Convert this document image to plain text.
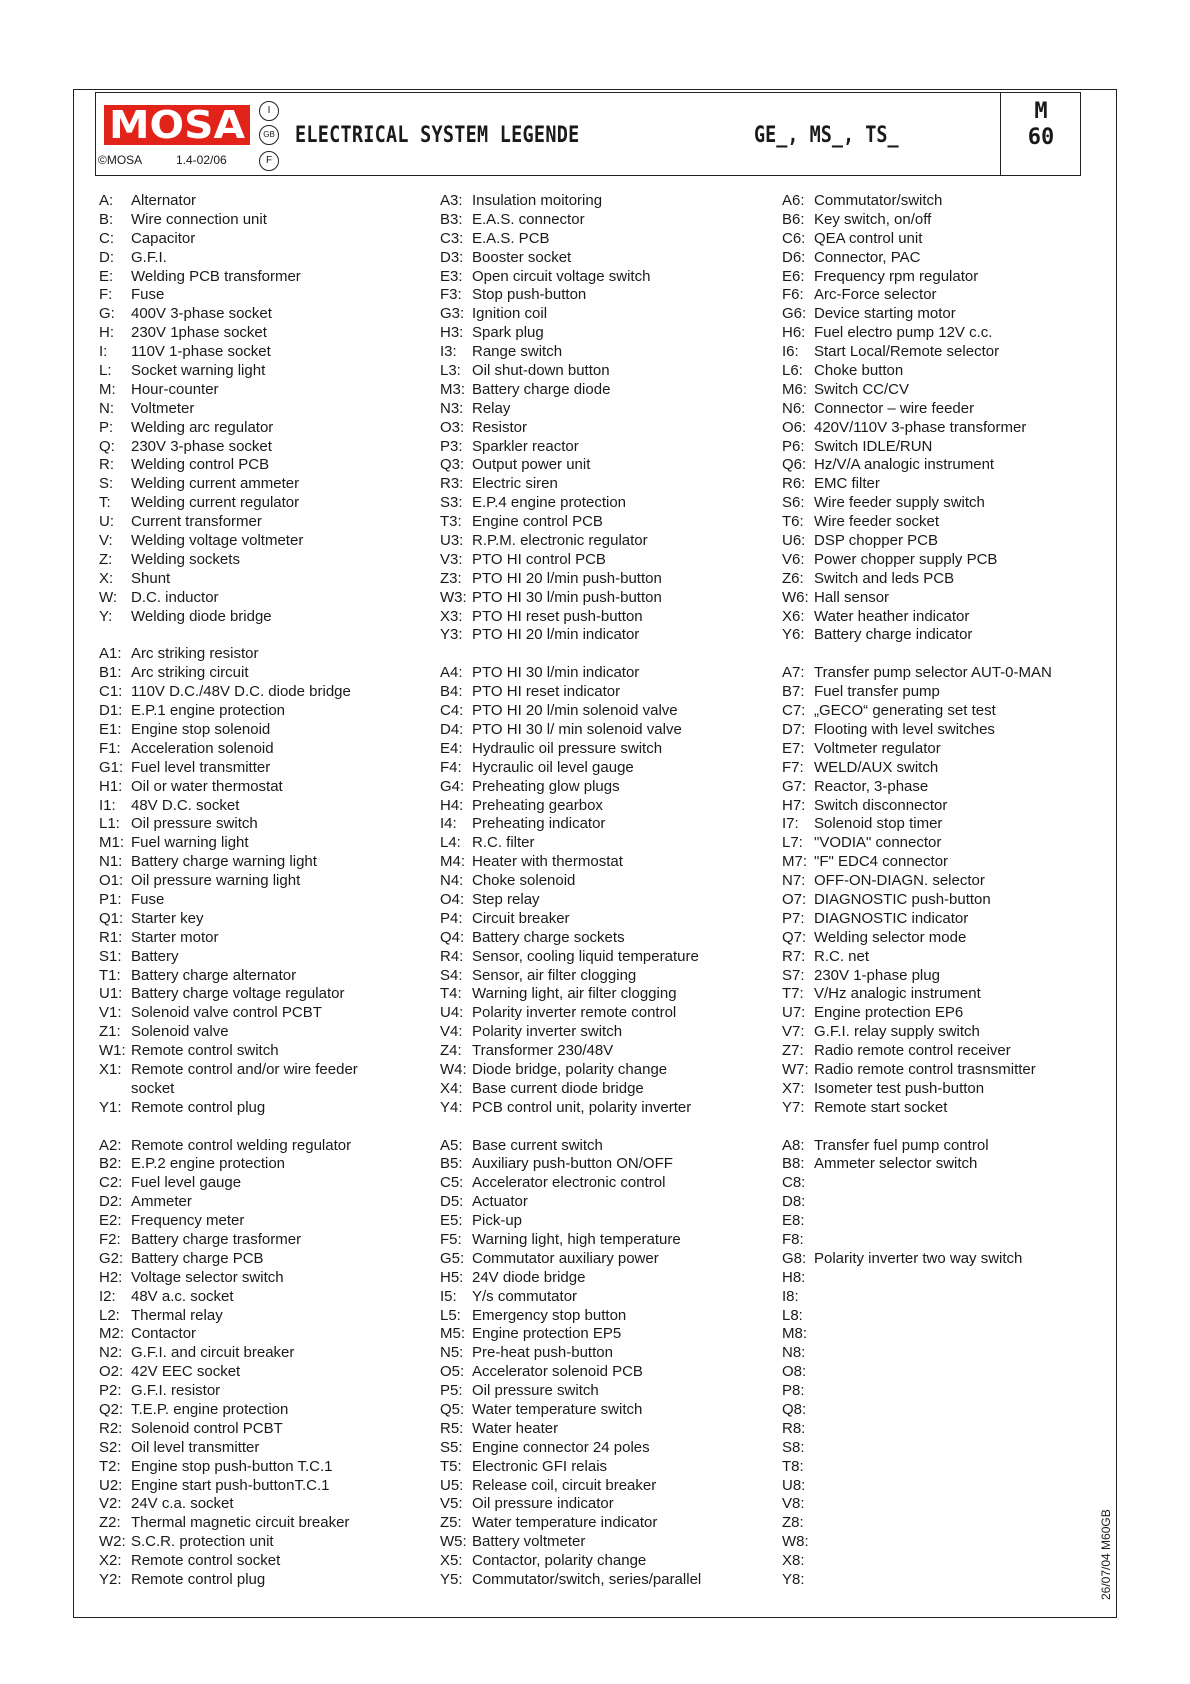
MOSA
©MOSA	1.4-02/06
I
GB
F
ELECTRICAL SYSTEM LEGENDE	GE_, MS_, TS_
M
60
A: Alternator
B: Wire connection unit
C: Capacitor
D: G.F.I.
E: Welding PCB transformer
F: Fuse
G: 400V 3-phase socket
H: 230V 1phase socket
I: 110V 1-phase socket
L: Socket warning light
M: Hour-counter
N: Voltmeter
P: Welding arc regulator
Q: 230V 3-phase socket
R: Welding control PCB
S: Welding current ammeter
T: Welding current regulator
U: Current transformer
V: Welding voltage voltmeter
Z: Welding sockets
X: Shunt
W: D.C. inductor
Y: Welding diode bridge
A1: Arc striking resistor
B1: Arc striking circuit
C1: 110V D.C./48V D.C. diode bridge
D1: E.P.1 engine protection
E1: Engine stop solenoid
F1: Acceleration solenoid
G1: Fuel level transmitter
H1: Oil or water thermostat
I1: 48V D.C. socket
L1: Oil pressure switch
M1: Fuel warning light
N1: Battery charge warning light
O1: Oil pressure warning light
P1: Fuse
Q1: Starter key
R1: Starter motor
S1: Battery
T1: Battery charge alternator
U1: Battery charge voltage regulator
V1: Solenoid valve control PCBT
Z1: Solenoid valve
W1: Remote control switch
X1: Remote control and/or wire feeder
socket
Y1: Remote control plug
A2: Remote control welding regulator
B2: E.P.2 engine protection
C2: Fuel level gauge
D2: Ammeter
E2: Frequency meter
F2: Battery charge trasformer
G2: Battery charge PCB
H2: Voltage selector switch
I2: 48V a.c. socket
L2: Thermal relay
M2: Contactor
N2: G.F.I. and circuit breaker
O2: 42V EEC socket
P2: G.F.I. resistor
Q2: T.E.P. engine protection
R2: Solenoid control PCBT
S2: Oil level transmitter
T2: Engine stop push-button T.C.1
U2: Engine start push-buttonT.C.1
V2: 24V c.a. socket
Z2: Thermal magnetic circuit breaker
W2: S.C.R. protection unit
X2: Remote control socket
Y2: Remote control plug
A3: Insulation moitoring
B3: E.A.S. connector
C3: E.A.S. PCB
D3: Booster socket
E3: Open circuit voltage switch
F3: Stop push-button
G3: Ignition coil
H3: Spark plug
I3: Range switch
L3: Oil shut-down button
M3: Battery charge diode
N3: Relay
O3: Resistor
P3: Sparkler reactor
Q3: Output power unit
R3: Electric siren
S3: E.P.4 engine protection
T3: Engine control PCB
U3: R.P.M. electronic regulator
V3: PTO HI control PCB
Z3: PTO HI 20 l/min push-button
W3: PTO HI 30 l/min push-button
X3: PTO HI reset push-button
Y3: PTO HI 20 l/min indicator
A4: PTO HI 30 l/min indicator
B4: PTO HI reset indicator
C4: PTO HI 20 l/min solenoid valve
D4: PTO HI 30 l/ min solenoid valve
E4: Hydraulic oil pressure switch
F4: Hycraulic oil level gauge
G4: Preheating glow plugs
H4: Preheating gearbox
I4: Preheating indicator
L4: R.C. filter
M4: Heater with thermostat
N4: Choke solenoid
O4: Step relay
P4: Circuit breaker
Q4: Battery charge sockets
R4: Sensor, cooling liquid temperature
S4: Sensor, air filter clogging
T4: Warning light, air filter clogging
U4: Polarity inverter remote control
V4: Polarity inverter switch
Z4: Transformer 230/48V
W4: Diode bridge, polarity change
X4: Base current diode bridge
Y4: PCB control unit, polarity inverter
A5: Base current switch
B5: Auxiliary push-button ON/OFF
C5: Accelerator electronic control
D5: Actuator
E5: Pick-up
F5: Warning light, high temperature
G5: Commutator auxiliary power
H5: 24V diode bridge
I5: Y/s commutator
L5: Emergency stop button
M5: Engine protection EP5
N5: Pre-heat push-button
O5: Accelerator solenoid PCB
P5: Oil pressure switch
Q5: Water temperature switch
R5: Water heater
S5: Engine connector 24 poles
T5: Electronic GFI relais
U5: Release coil, circuit breaker
V5: Oil pressure indicator
Z5: Water temperature indicator
W5: Battery voltmeter
X5: Contactor, polarity change
Y5: Commutator/switch, series/parallel
A6: Commutator/switch
B6: Key switch, on/off
C6: QEA control unit
D6: Connector, PAC
E6: Frequency rpm regulator
F6: Arc-Force selector
G6: Device starting motor
H6: Fuel electro pump 12V c.c.
I6: Start Local/Remote selector
L6: Choke button
M6: Switch CC/CV
N6: Connector – wire feeder
O6: 420V/110V 3-phase transformer
P6: Switch IDLE/RUN
Q6: Hz/V/A analogic instrument
R6: EMC filter
S6: Wire feeder supply switch
T6: Wire feeder socket
U6: DSP chopper PCB
V6: Power chopper supply PCB
Z6: Switch and leds PCB
W6: Hall sensor
X6: Water heather indicator
Y6: Battery charge indicator
A7: Transfer pump selector AUT-0-MAN
B7: Fuel transfer pump
C7: „GECO“ generating set test
D7: Flooting with level switches
E7: Voltmeter regulator
F7: WELD/AUX switch
G7: Reactor, 3-phase
H7: Switch disconnector
I7: Solenoid stop timer
L7: "VODIA" connector
M7: "F" EDC4 connector
N7: OFF-ON-DIAGN. selector
O7: DIAGNOSTIC push-button
P7: DIAGNOSTIC indicator
Q7: Welding selector mode
R7: R.C. net
S7: 230V 1-phase plug
T7: V/Hz analogic instrument
U7: Engine protection EP6
V7: G.F.I. relay supply switch
Z7: Radio remote control receiver
W7: Radio remote control trasnsmitter
X7: Isometer test push-button
Y7: Remote start socket
A8: Transfer fuel pump control
B8: Ammeter selector switch
C8:
D8:
E8:
F8:
G8: Polarity inverter two way switch
H8:
I8:
L8:
M8:
N8:
O8:
P8:
Q8:
R8:
S8:
T8:
U8:
V8:
Z8:
W8:
X8:
Y8:	26/07/04 M60GB
